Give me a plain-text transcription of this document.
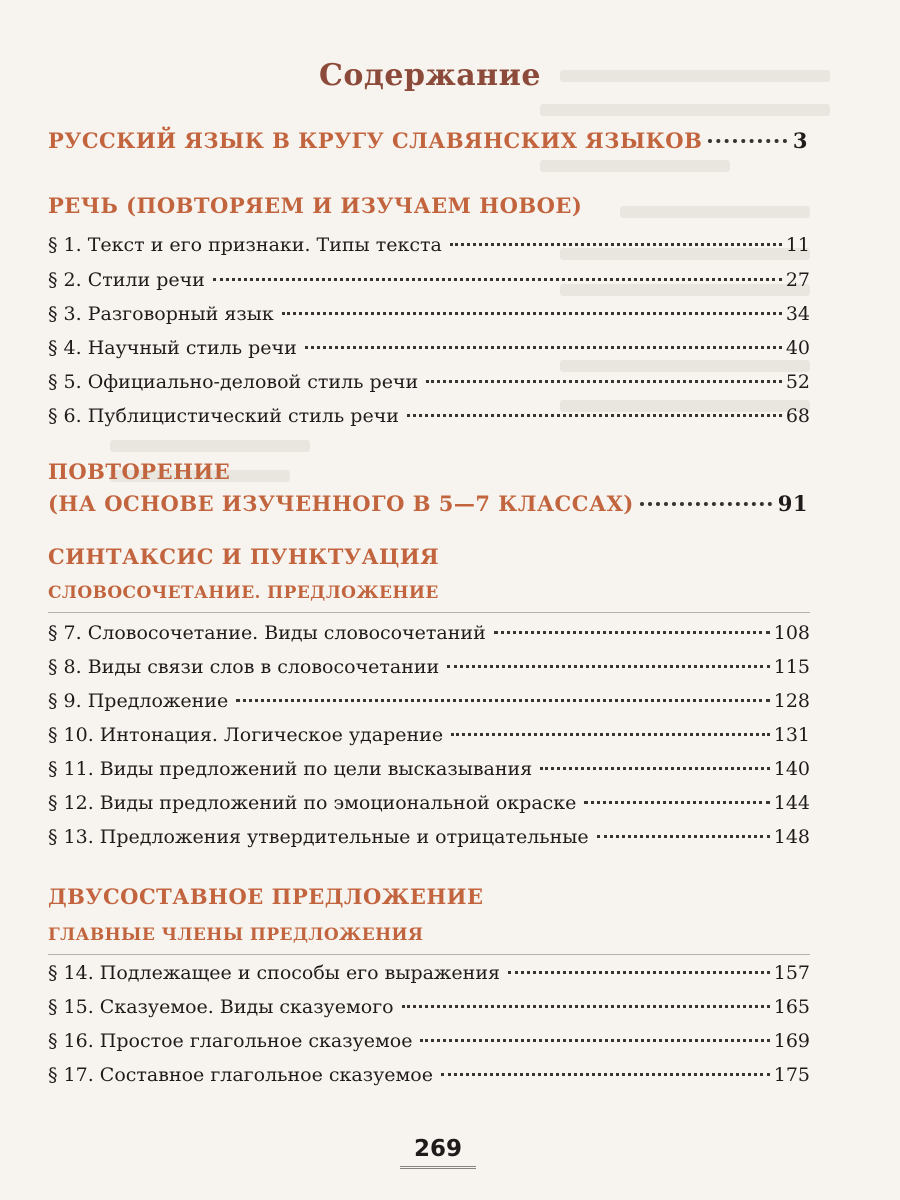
Содержание
РУССКИЙ ЯЗЫК В КРУГУ СЛАВЯНСКИХ ЯЗЫКОВ	3
РЕЧЬ (ПОВТОРЯЕМ И ИЗУЧАЕМ НОВОЕ)
§ 1. Текст и его признаки. Типы текста	11
§ 2. Стили речи	27
§ 3. Разговорный язык	34
§ 4. Научный стиль речи	40
§ 5. Официально-деловой стиль речи	52
§ 6. Публицистический стиль речи	68
ПОВТОРЕНИЕ
(НА ОСНОВЕ ИЗУЧЕННОГО В 5—7 КЛАССАХ)	91
СИНТАКСИС И ПУНКТУАЦИЯ
СЛОВОСОЧЕТАНИЕ. ПРЕДЛОЖЕНИЕ
§ 7. Словосочетание. Виды словосочетаний	108
§ 8. Виды связи слов в словосочетании	115
§ 9. Предложение	128
§ 10. Интонация. Логическое ударение	131
§ 11. Виды предложений по цели высказывания	140
§ 12. Виды предложений по эмоциональной окраске	144
§ 13. Предложения утвердительные и отрицательные	148
ДВУСОСТАВНОЕ ПРЕДЛОЖЕНИЕ
ГЛАВНЫЕ ЧЛЕНЫ ПРЕДЛОЖЕНИЯ
§ 14. Подлежащее и способы его выражения	157
§ 15. Сказуемое. Виды сказуемого	165
§ 16. Простое глагольное сказуемое	169
§ 17. Составное глагольное сказуемое	175
269
